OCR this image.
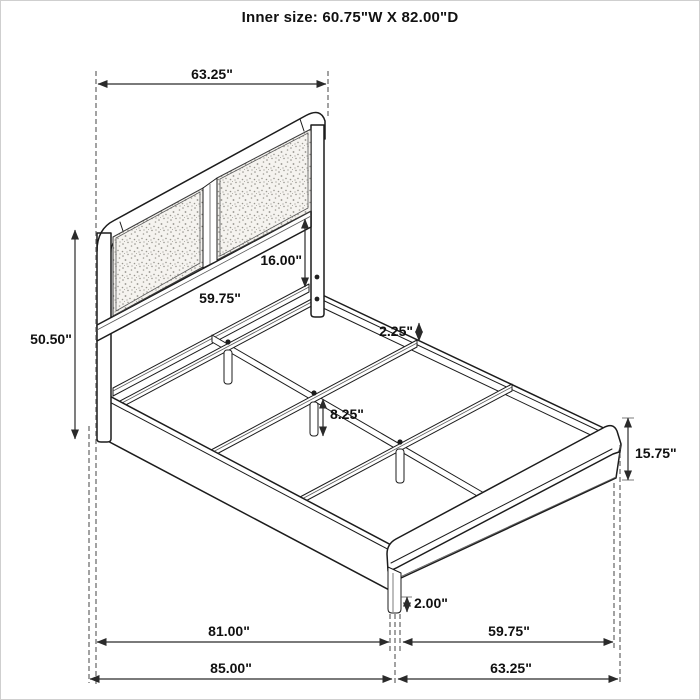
Inner size: 60.75"W X 82.00"D
63.25"
50.50"
16.00"
59.75"
2.25"
8.25"
15.75"
2.00"
81.00"	59.75"
85.00"	63.25"
